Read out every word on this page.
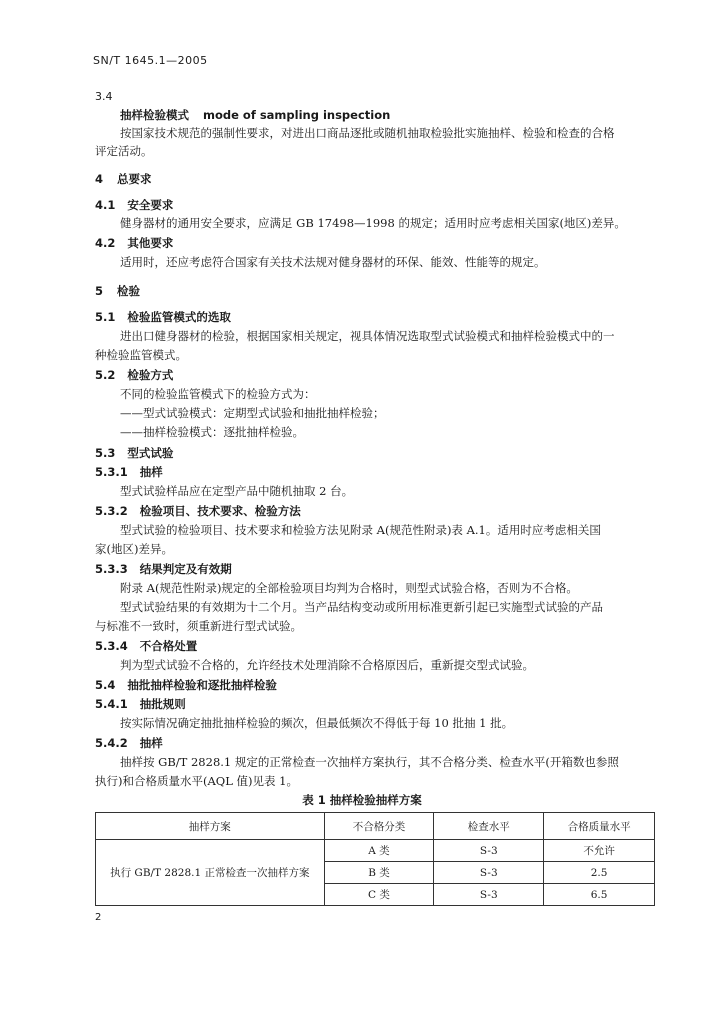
SN/T 1645.1—2005
3.4
抽样检验模式 mode of sampling inspection
按国家技术规范的强制性要求，对进出口商品逐批或随机抽取检验批实施抽样、检验和检查的合格
评定活动。
4 总要求
4.1 安全要求
健身器材的通用安全要求，应满足 GB 17498—1998 的规定；适用时应考虑相关国家(地区)差异。
4.2 其他要求
适用时，还应考虑符合国家有关技术法规对健身器材的环保、能效、性能等的规定。
5 检验
5.1 检验监管模式的选取
进出口健身器材的检验，根据国家相关规定，视具体情况选取型式试验模式和抽样检验模式中的一
种检验监管模式。
5.2 检验方式
不同的检验监管模式下的检验方式为：
——型式试验模式：定期型式试验和抽批抽样检验；
——抽样检验模式：逐批抽样检验。
5.3 型式试验
5.3.1 抽样
型式试验样品应在定型产品中随机抽取 2 台。
5.3.2 检验项目、技术要求、检验方法
型式试验的检验项目、技术要求和检验方法见附录 A(规范性附录)表 A.1。适用时应考虑相关国
家(地区)差异。
5.3.3 结果判定及有效期
附录 A(规范性附录)规定的全部检验项目均判为合格时，则型式试验合格，否则为不合格。
型式试验结果的有效期为十二个月。当产品结构变动或所用标准更新引起已实施型式试验的产品
与标准不一致时，须重新进行型式试验。
5.3.4 不合格处置
判为型式试验不合格的，允许经技术处理消除不合格原因后，重新提交型式试验。
5.4 抽批抽样检验和逐批抽样检验
5.4.1 抽批规则
按实际情况确定抽批抽样检验的频次，但最低频次不得低于每 10 批抽 1 批。
5.4.2 抽样
抽样按 GB/T 2828.1 规定的正常检查一次抽样方案执行，其不合格分类、检查水平(开箱数也参照
执行)和合格质量水平(AQL 值)见表 1。
表 1 抽样检验抽样方案
抽样方案	不合格分类	检查水平	合格质量水平
执行 GB/T 2828.1 正常检查一次抽样方案	A 类	S-3	不允许
	B 类	S-3	2.5
	C 类	S-3	6.5
2
